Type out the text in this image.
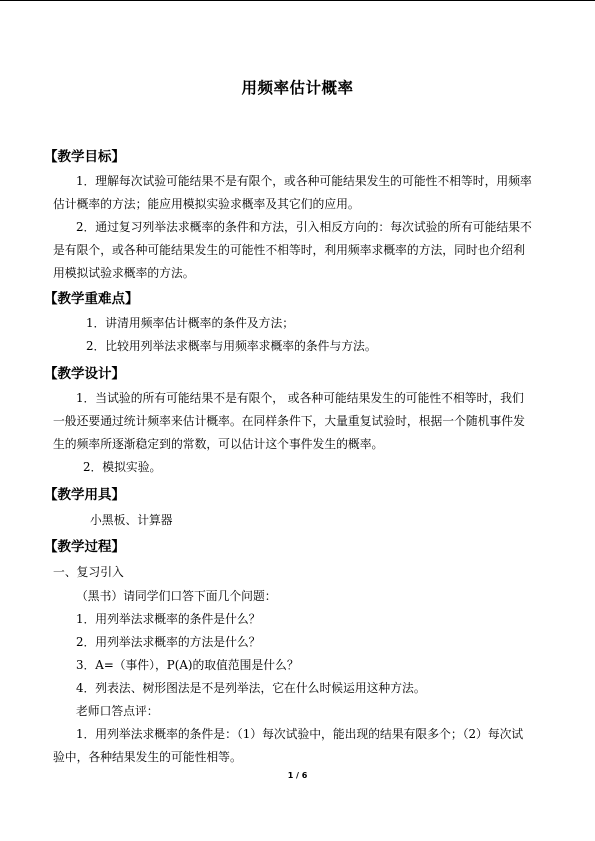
用频率估计概率
【教学目标】
1．理解每次试验可能结果不是有限个，或各种可能结果发生的可能性不相等时，用频率
估计概率的方法；能应用模拟实验求概率及其它们的应用。
2．通过复习列举法求概率的条件和方法，引入相反方向的：每次试验的所有可能结果不
是有限个，或各种可能结果发生的可能性不相等时，利用频率求概率的方法，同时也介绍利
用模拟试验求概率的方法。
【教学重难点】
1．讲清用频率估计概率的条件及方法；
2．比较用列举法求概率与用频率求概率的条件与方法。
【教学设计】
1．当试验的所有可能结果不是有限个， 或各种可能结果发生的可能性不相等时，我们
一般还要通过统计频率来估计概率。在同样条件下，大量重复试验时，根据一个随机事件发
生的频率所逐渐稳定到的常数，可以估计这个事件发生的概率。
2．模拟实验。
【教学用具】
小黑板、计算器
【教学过程】
一、复习引入
（黑书）请同学们口答下面几个问题：
1．用列举法求概率的条件是什么？
2．用列举法求概率的方法是什么？
3．A=（事件），P(A)的取值范围是什么？
4．列表法、树形图法是不是列举法，它在什么时候运用这种方法。
老师口答点评：
1．用列举法求概率的条件是：（1）每次试验中，能出现的结果有限多个；（2）每次试
验中，各种结果发生的可能性相等。
1 / 6
